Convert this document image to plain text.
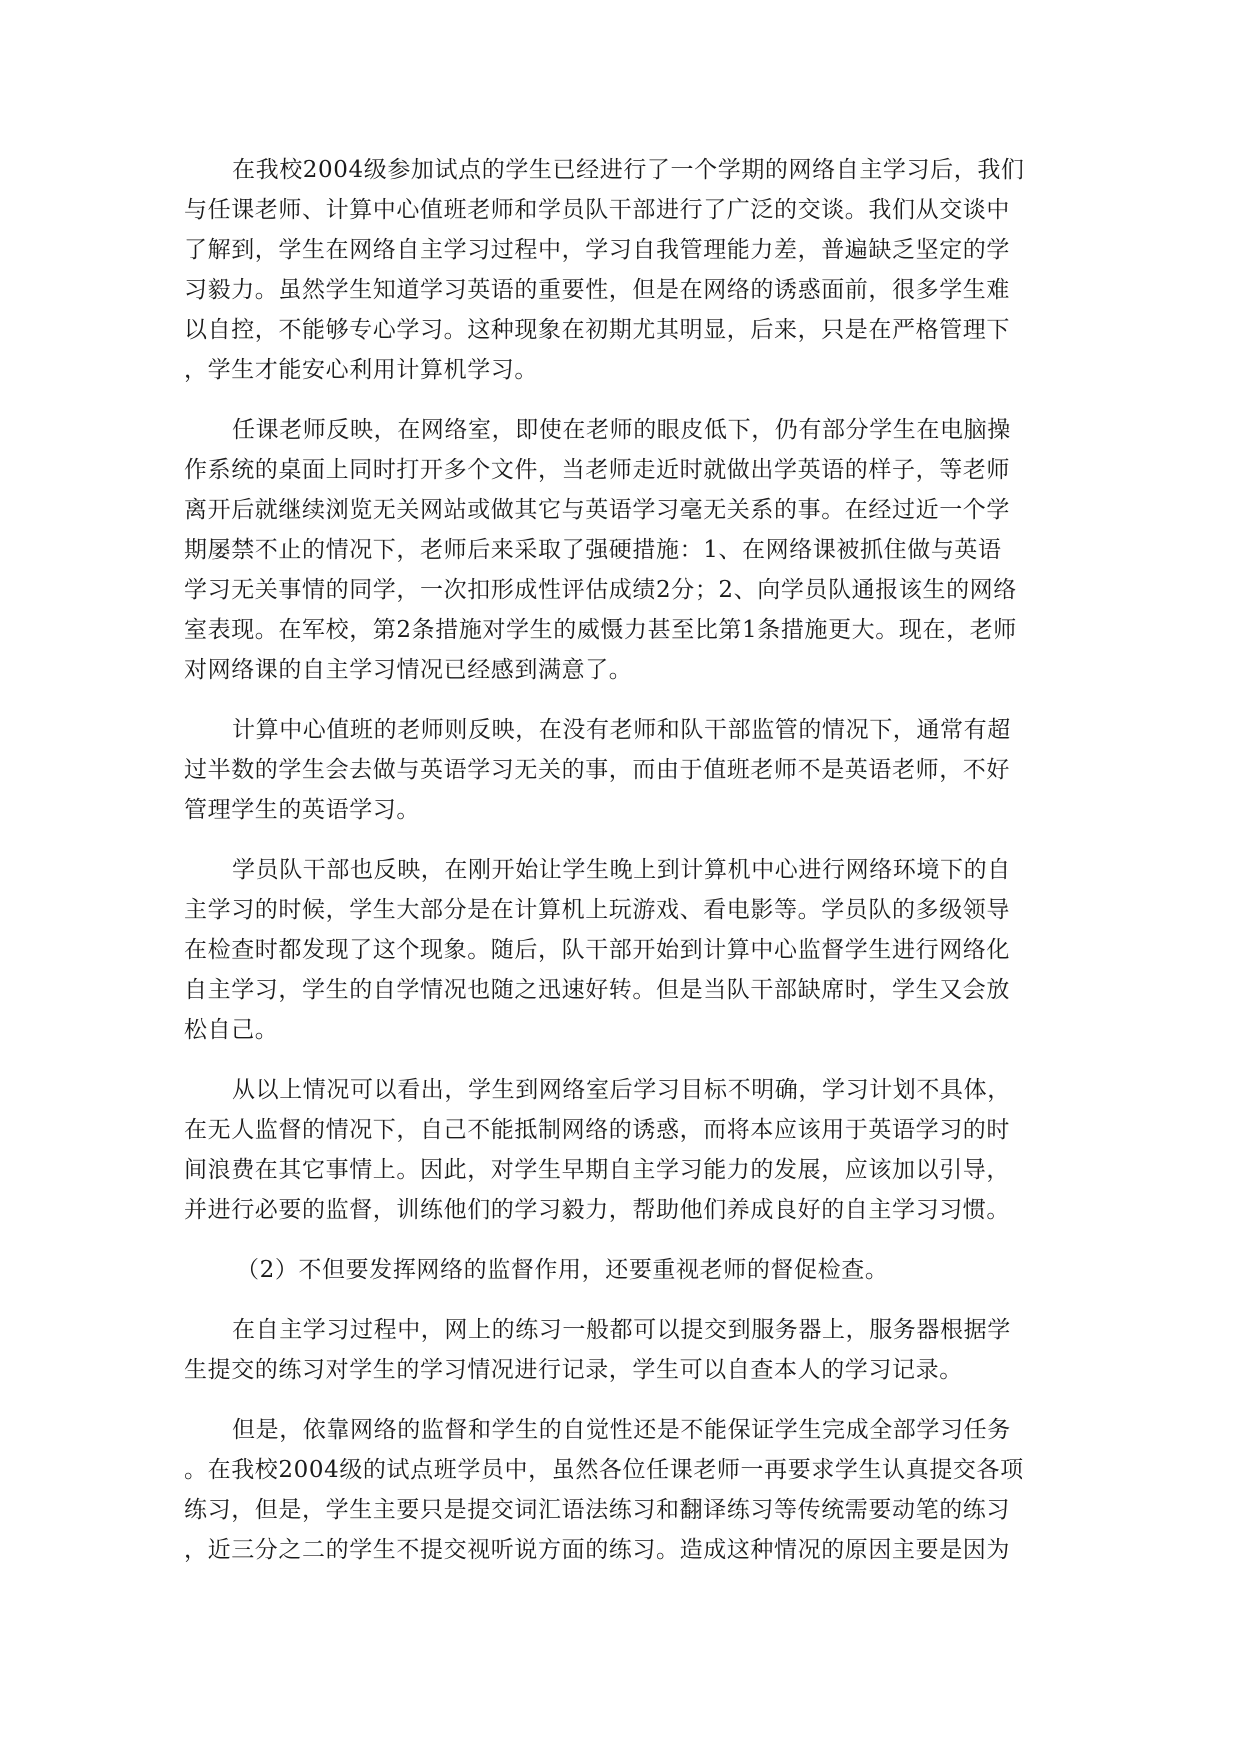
在我校2004级参加试点的学生已经进行了一个学期的网络自主学习后，我们
与任课老师、计算中心值班老师和学员队干部进行了广泛的交谈。我们从交谈中
了解到，学生在网络自主学习过程中，学习自我管理能力差，普遍缺乏坚定的学
习毅力。虽然学生知道学习英语的重要性，但是在网络的诱惑面前，很多学生难
以自控，不能够专心学习。这种现象在初期尤其明显，后来，只是在严格管理下
，学生才能安心利用计算机学习。
任课老师反映，在网络室，即使在老师的眼皮低下，仍有部分学生在电脑操
作系统的桌面上同时打开多个文件，当老师走近时就做出学英语的样子，等老师
离开后就继续浏览无关网站或做其它与英语学习毫无关系的事。在经过近一个学
期屡禁不止的情况下，老师后来采取了强硬措施：1、在网络课被抓住做与英语
学习无关事情的同学，一次扣形成性评估成绩2分；2、向学员队通报该生的网络
室表现。在军校，第2条措施对学生的威慑力甚至比第1条措施更大。现在，老师
对网络课的自主学习情况已经感到满意了。
计算中心值班的老师则反映，在没有老师和队干部监管的情况下，通常有超
过半数的学生会去做与英语学习无关的事，而由于值班老师不是英语老师，不好
管理学生的英语学习。
学员队干部也反映，在刚开始让学生晚上到计算机中心进行网络环境下的自
主学习的时候，学生大部分是在计算机上玩游戏、看电影等。学员队的多级领导
在检查时都发现了这个现象。随后，队干部开始到计算中心监督学生进行网络化
自主学习，学生的自学情况也随之迅速好转。但是当队干部缺席时，学生又会放
松自己。
从以上情况可以看出，学生到网络室后学习目标不明确，学习计划不具体，
在无人监督的情况下，自己不能抵制网络的诱惑，而将本应该用于英语学习的时
间浪费在其它事情上。因此，对学生早期自主学习能力的发展，应该加以引导，
并进行必要的监督，训练他们的学习毅力，帮助他们养成良好的自主学习习惯。
（2）不但要发挥网络的监督作用，还要重视老师的督促检查。
在自主学习过程中，网上的练习一般都可以提交到服务器上，服务器根据学
生提交的练习对学生的学习情况进行记录，学生可以自查本人的学习记录。
但是，依靠网络的监督和学生的自觉性还是不能保证学生完成全部学习任务
。在我校2004级的试点班学员中，虽然各位任课老师一再要求学生认真提交各项
练习，但是，学生主要只是提交词汇语法练习和翻译练习等传统需要动笔的练习
，近三分之二的学生不提交视听说方面的练习。造成这种情况的原因主要是因为
